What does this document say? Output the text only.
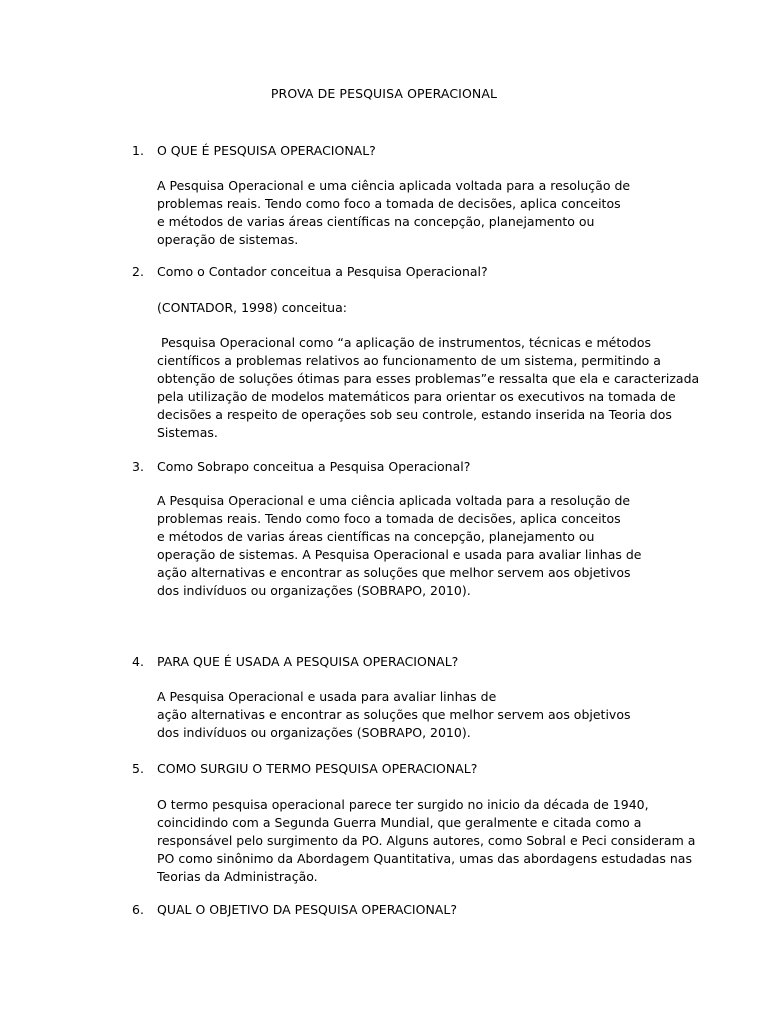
PROVA DE PESQUISA OPERACIONAL

1. O QUE É PESQUISA OPERACIONAL?

A Pesquisa Operacional e uma ciência aplicada voltada para a resolução de
problemas reais. Tendo como foco a tomada de decisões, aplica conceitos
e métodos de varias áreas científicas na concepção, planejamento ou
operação de sistemas.

2. Como o Contador conceitua a Pesquisa Operacional?

(CONTADOR, 1998) conceitua:

Pesquisa Operacional como “a aplicação de instrumentos, técnicas e métodos
científicos a problemas relativos ao funcionamento de um sistema, permitindo a
obtenção de soluções ótimas para esses problemas”e ressalta que ela e caracterizada
pela utilização de modelos matemáticos para orientar os executivos na tomada de
decisões a respeito de operações sob seu controle, estando inserida na Teoria dos
Sistemas.

3. Como Sobrapo conceitua a Pesquisa Operacional?

A Pesquisa Operacional e uma ciência aplicada voltada para a resolução de
problemas reais. Tendo como foco a tomada de decisões, aplica conceitos
e métodos de varias áreas científicas na concepção, planejamento ou
operação de sistemas. A Pesquisa Operacional e usada para avaliar linhas de
ação alternativas e encontrar as soluções que melhor servem aos objetivos
dos indivíduos ou organizações (SOBRAPO, 2010).

4. PARA QUE É USADA A PESQUISA OPERACIONAL?

A Pesquisa Operacional e usada para avaliar linhas de
ação alternativas e encontrar as soluções que melhor servem aos objetivos
dos indivíduos ou organizações (SOBRAPO, 2010).

5. COMO SURGIU O TERMO PESQUISA OPERACIONAL?

O termo pesquisa operacional parece ter surgido no inicio da década de 1940,
coincidindo com a Segunda Guerra Mundial, que geralmente e citada como a
responsável pelo surgimento da PO. Alguns autores, como Sobral e Peci consideram a
PO como sinônimo da Abordagem Quantitativa, umas das abordagens estudadas nas
Teorias da Administração.

6. QUAL O OBJETIVO DA PESQUISA OPERACIONAL?
